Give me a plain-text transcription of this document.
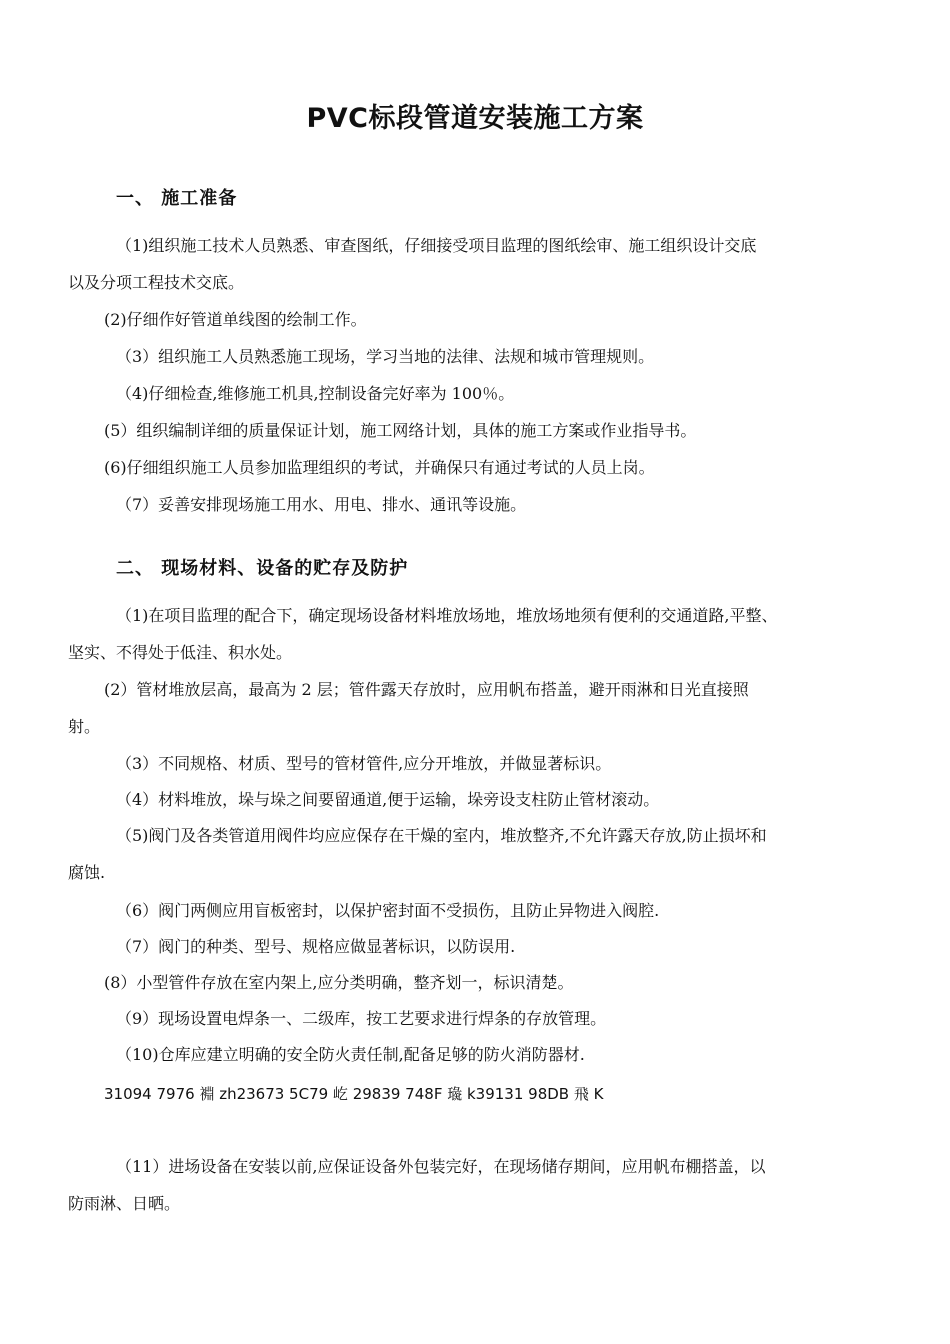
PVC标段管道安装施工方案
一、 施工准备
（1)组织施工技术人员熟悉、审查图纸，仔细接受项目监理的图纸绘审、施工组织设计交底
以及分项工程技术交底。
(2)仔细作好管道单线图的绘制工作。
（3）组织施工人员熟悉施工现场，学习当地的法律、法规和城市管理规则。
（4)仔细检查,维修施工机具,控制设备完好率为 100％。
(5）组织编制详细的质量保证计划，施工网络计划，具体的施工方案或作业指导书。
(6)仔细组织施工人员参加监理组织的考试，并确保只有通过考试的人员上岗。
（7）妥善安排现场施工用水、用电、排水、通讯等设施。
二、 现场材料、设备的贮存及防护
（1)在项目监理的配合下，确定现场设备材料堆放场地，堆放场地须有便利的交通道路,平整、
坚实、不得处于低洼、积水处。
(2）管材堆放层高，最高为 2 层；管件露天存放时，应用帆布搭盖，避开雨淋和日光直接照
射。
（3）不同规格、材质、型号的管材管件,应分开堆放，并做显著标识。
（4）材料堆放，垛与垛之间要留通道,便于运输，垛旁设支柱防止管材滚动。
（5)阀门及各类管道用阀件均应应保存在干燥的室内，堆放整齐,不允许露天存放,防止损坏和
腐蚀.
（6）阀门两侧应用盲板密封，以保护密封面不受损伤，且防止异物进入阀腔.
（7）阀门的种类、型号、规格应做显著标识，以防误用.
(8）小型管件存放在室内架上,应分类明确，整齐划一，标识清楚。
（9）现场设置电焊条一、二级库，按工艺要求进行焊条的存放管理。
（10)仓库应建立明确的安全防火责任制,配备足够的防火消防器材.
31094 7976 裫 zh23673 5C79 屹 29839 748F 璏 k39131 98DB 飛 K
（11）进场设备在安装以前,应保证设备外包装完好，在现场储存期间，应用帆布棚搭盖，以
防雨淋、日晒。
